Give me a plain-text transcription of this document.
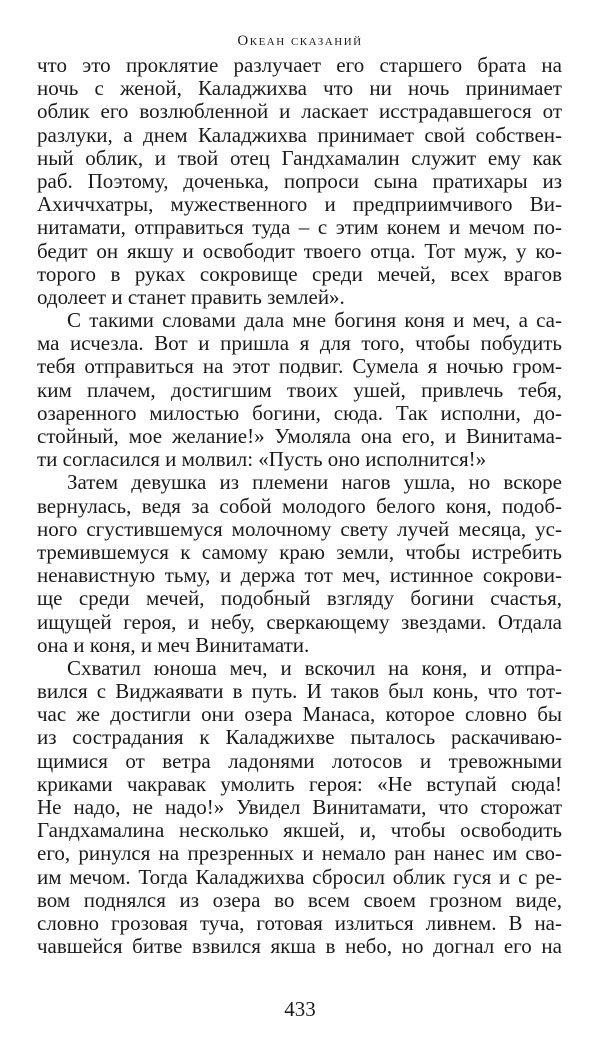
Океан сказаний
что это проклятие разлучает его старшего брата на
ночь с женой, Каладжихва что ни ночь принимает
облик его возлюбленной и ласкает исстрадавшегося от
разлуки, а днем Каладжихва принимает свой собствен-
ный облик, и твой отец Гандхамалин служит ему как
раб. Поэтому, доченька, попроси сына пратихары из
Ахиччхатры, мужественного и предприимчивого Ви-
нитамати, отправиться туда – с этим конем и мечом по-
бедит он якшу и освободит твоего отца. Тот муж, у ко-
торого в руках сокровище среди мечей, всех врагов
одолеет и станет править землей».
С такими словами дала мне богиня коня и меч, а са-
ма исчезла. Вот и пришла я для того, чтобы побудить
тебя отправиться на этот подвиг. Сумела я ночью гром-
ким плачем, достигшим твоих ушей, привлечь тебя,
озаренного милостью богини, сюда. Так исполни, до-
стойный, мое желание!» Умоляла она его, и Винитама-
ти согласился и молвил: «Пусть оно исполнится!»
Затем девушка из племени нагов ушла, но вскоре
вернулась, ведя за собой молодого белого коня, подоб-
ного сгустившемуся молочному свету лучей месяца, ус-
тремившемуся к самому краю земли, чтобы истребить
ненавистную тьму, и держа тот меч, истинное сокрови-
ще среди мечей, подобный взгляду богини счастья,
ищущей героя, и небу, сверкающему звездами. Отдала
она и коня, и меч Винитамати.
Схватил юноша меч, и вскочил на коня, и отпра-
вился с Виджаявати в путь. И таков был конь, что тот-
час же достигли они озера Манаса, которое словно бы
из сострадания к Каладжихве пыталось раскачиваю-
щимися от ветра ладонями лотосов и тревожными
криками чакравак умолить героя: «Не вступай сюда!
Не надо, не надо!» Увидел Винитамати, что сторожат
Гандхамалина несколько якшей, и, чтобы освободить
его, ринулся на презренных и немало ран нанес им сво-
им мечом. Тогда Каладжихва сбросил облик гуся и с ре-
вом поднялся из озера во всем своем грозном виде,
словно грозовая туча, готовая излиться ливнем. В на-
чавшейся битве взвился якша в небо, но догнал его на
433
